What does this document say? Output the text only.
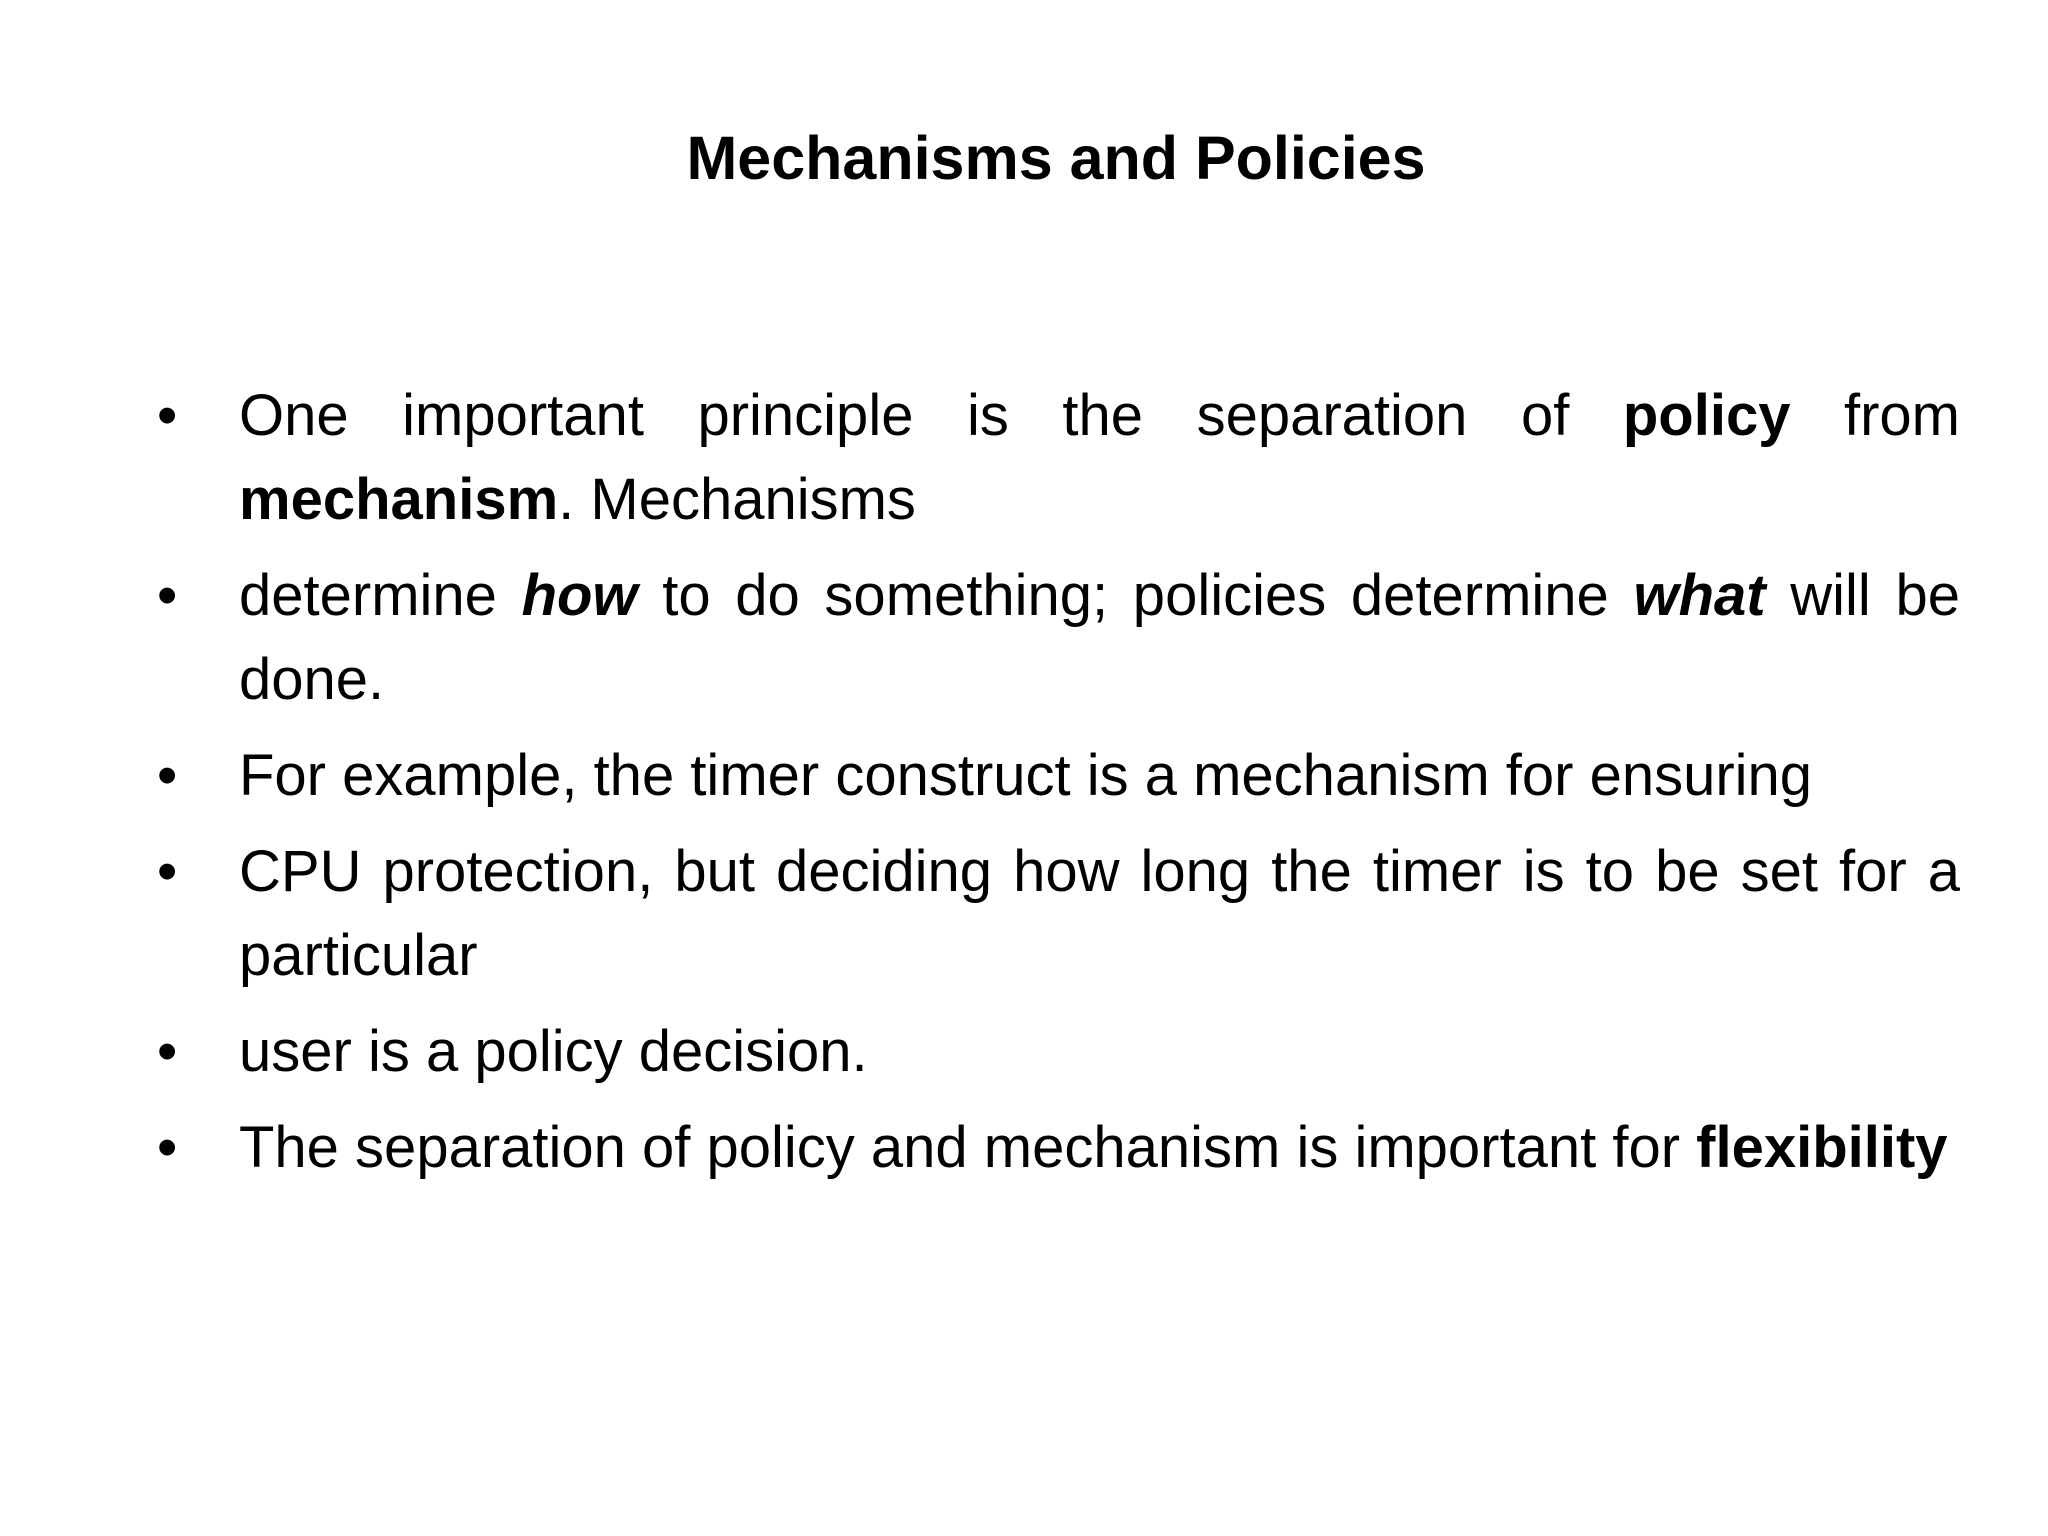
Mechanisms and Policies
•	One important principle is the separation of policy from mechanism. Mechanisms
•	determine how to do something; policies determine what will be done.
•	For example, the timer construct is a mechanism for ensuring
•	CPU protection, but deciding how long the timer is to be set for a particular
•	user is a policy decision.
•	The separation of policy and mechanism is important for flexibility
